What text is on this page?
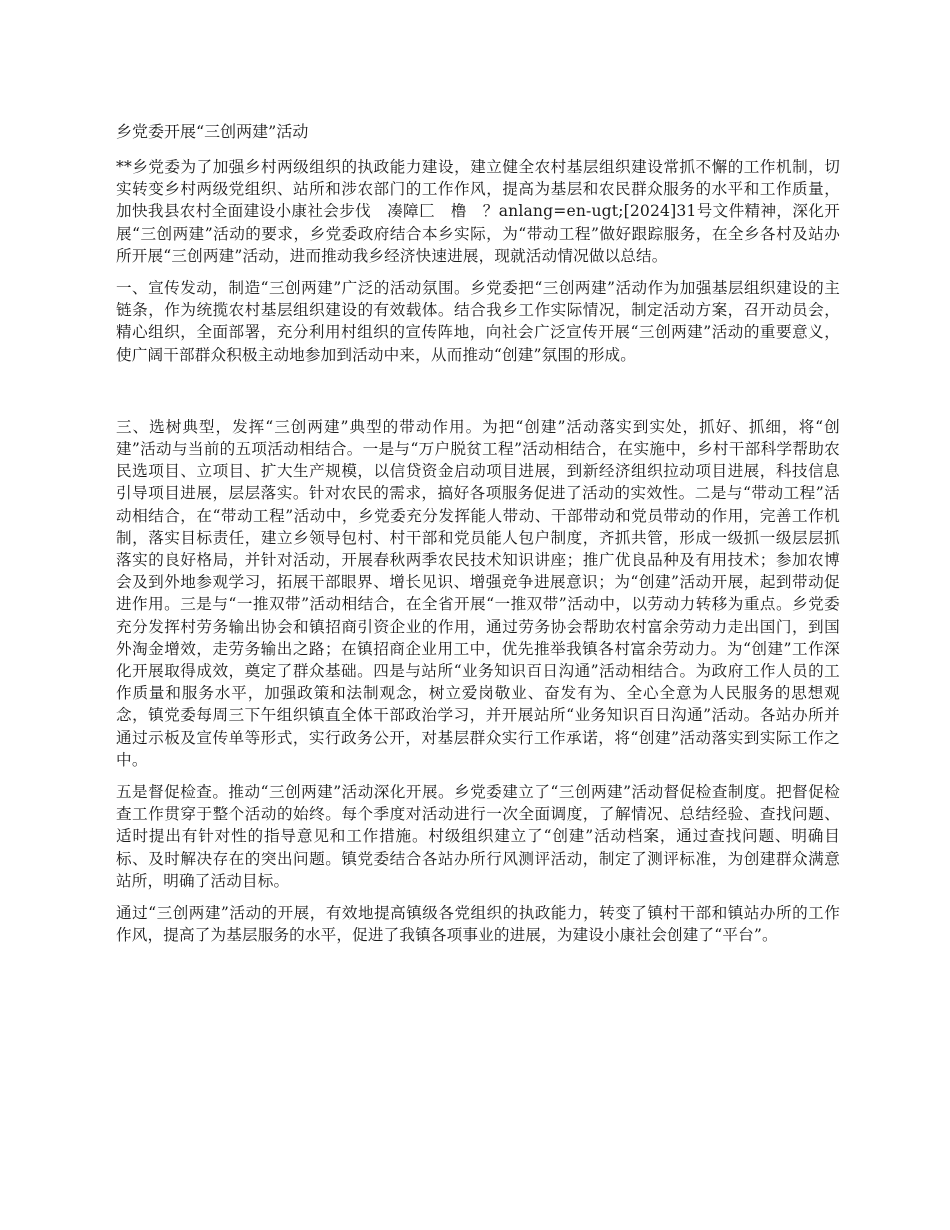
乡党委开展“三创两建”活动

**乡党委为了加强乡村两级组织的执政能力建设，建立健全农村基层组织建设常抓不懈的工作机制，切实转变乡村两级党组织、站所和涉农部门的工作作风，提高为基层和农民群众服务的水平和工作质量，加快我县农村全面建设小康社会步伐　凑障匚　橹　？anlang=en-ugt;[2024]31号文件精神，深化开展“三创两建”活动的要求，乡党委政府结合本乡实际，为“带动工程”做好跟踪服务，在全乡各村及站办所开展“三创两建”活动，进而推动我乡经济快速进展，现就活动情况做以总结。

一、宣传发动，制造“三创两建”广泛的活动氛围。乡党委把“三创两建”活动作为加强基层组织建设的主链条，作为统揽农村基层组织建设的有效载体。结合我乡工作实际情况，制定活动方案，召开动员会，精心组织，全面部署，充分利用村组织的宣传阵地，向社会广泛宣传开展“三创两建”活动的重要意义，使广阔干部群众积极主动地参加到活动中来，从而推动“创建”氛围的形成。

三、选树典型，发挥“三创两建”典型的带动作用。为把“创建”活动落实到实处，抓好、抓细，将“创建”活动与当前的五项活动相结合。一是与“万户脱贫工程”活动相结合，在实施中，乡村干部科学帮助农民选项目、立项目、扩大生产规模，以信贷资金启动项目进展，到新经济组织拉动项目进展，科技信息引导项目进展，层层落实。针对农民的需求，搞好各项服务促进了活动的实效性。二是与“带动工程”活动相结合，在“带动工程”活动中，乡党委充分发挥能人带动、干部带动和党员带动的作用，完善工作机制，落实目标责任，建立乡领导包村、村干部和党员能人包户制度，齐抓共管，形成一级抓一级层层抓落实的良好格局，并针对活动，开展春秋两季农民技术知识讲座；推广优良品种及有用技术；参加农博会及到外地参观学习，拓展干部眼界、增长见识、增强竞争进展意识；为“创建”活动开展，起到带动促进作用。三是与“一推双带”活动相结合，在全省开展“一推双带”活动中，以劳动力转移为重点。乡党委充分发挥村劳务输出协会和镇招商引资企业的作用，通过劳务协会帮助农村富余劳动力走出国门，到国外淘金增效，走劳务输出之路；在镇招商企业用工中，优先推举我镇各村富余劳动力。为“创建”工作深化开展取得成效，奠定了群众基础。四是与站所“业务知识百日沟通”活动相结合。为政府工作人员的工作质量和服务水平，加强政策和法制观念，树立爱岗敬业、奋发有为、全心全意为人民服务的思想观念，镇党委每周三下午组织镇直全体干部政治学习，并开展站所“业务知识百日沟通”活动。各站办所并通过示板及宣传单等形式，实行政务公开，对基层群众实行工作承诺，将“创建”活动落实到实际工作之中。

五是督促检查。推动“三创两建”活动深化开展。乡党委建立了“三创两建”活动督促检查制度。把督促检查工作贯穿于整个活动的始终。每个季度对活动进行一次全面调度，了解情况、总结经验、查找问题、适时提出有针对性的指导意见和工作措施。村级组织建立了“创建”活动档案，通过查找问题、明确目标、及时解决存在的突出问题。镇党委结合各站办所行风测评活动，制定了测评标准，为创建群众满意站所，明确了活动目标。

通过“三创两建”活动的开展，有效地提高镇级各党组织的执政能力，转变了镇村干部和镇站办所的工作作风，提高了为基层服务的水平，促进了我镇各项事业的进展，为建设小康社会创建了“平台”。
